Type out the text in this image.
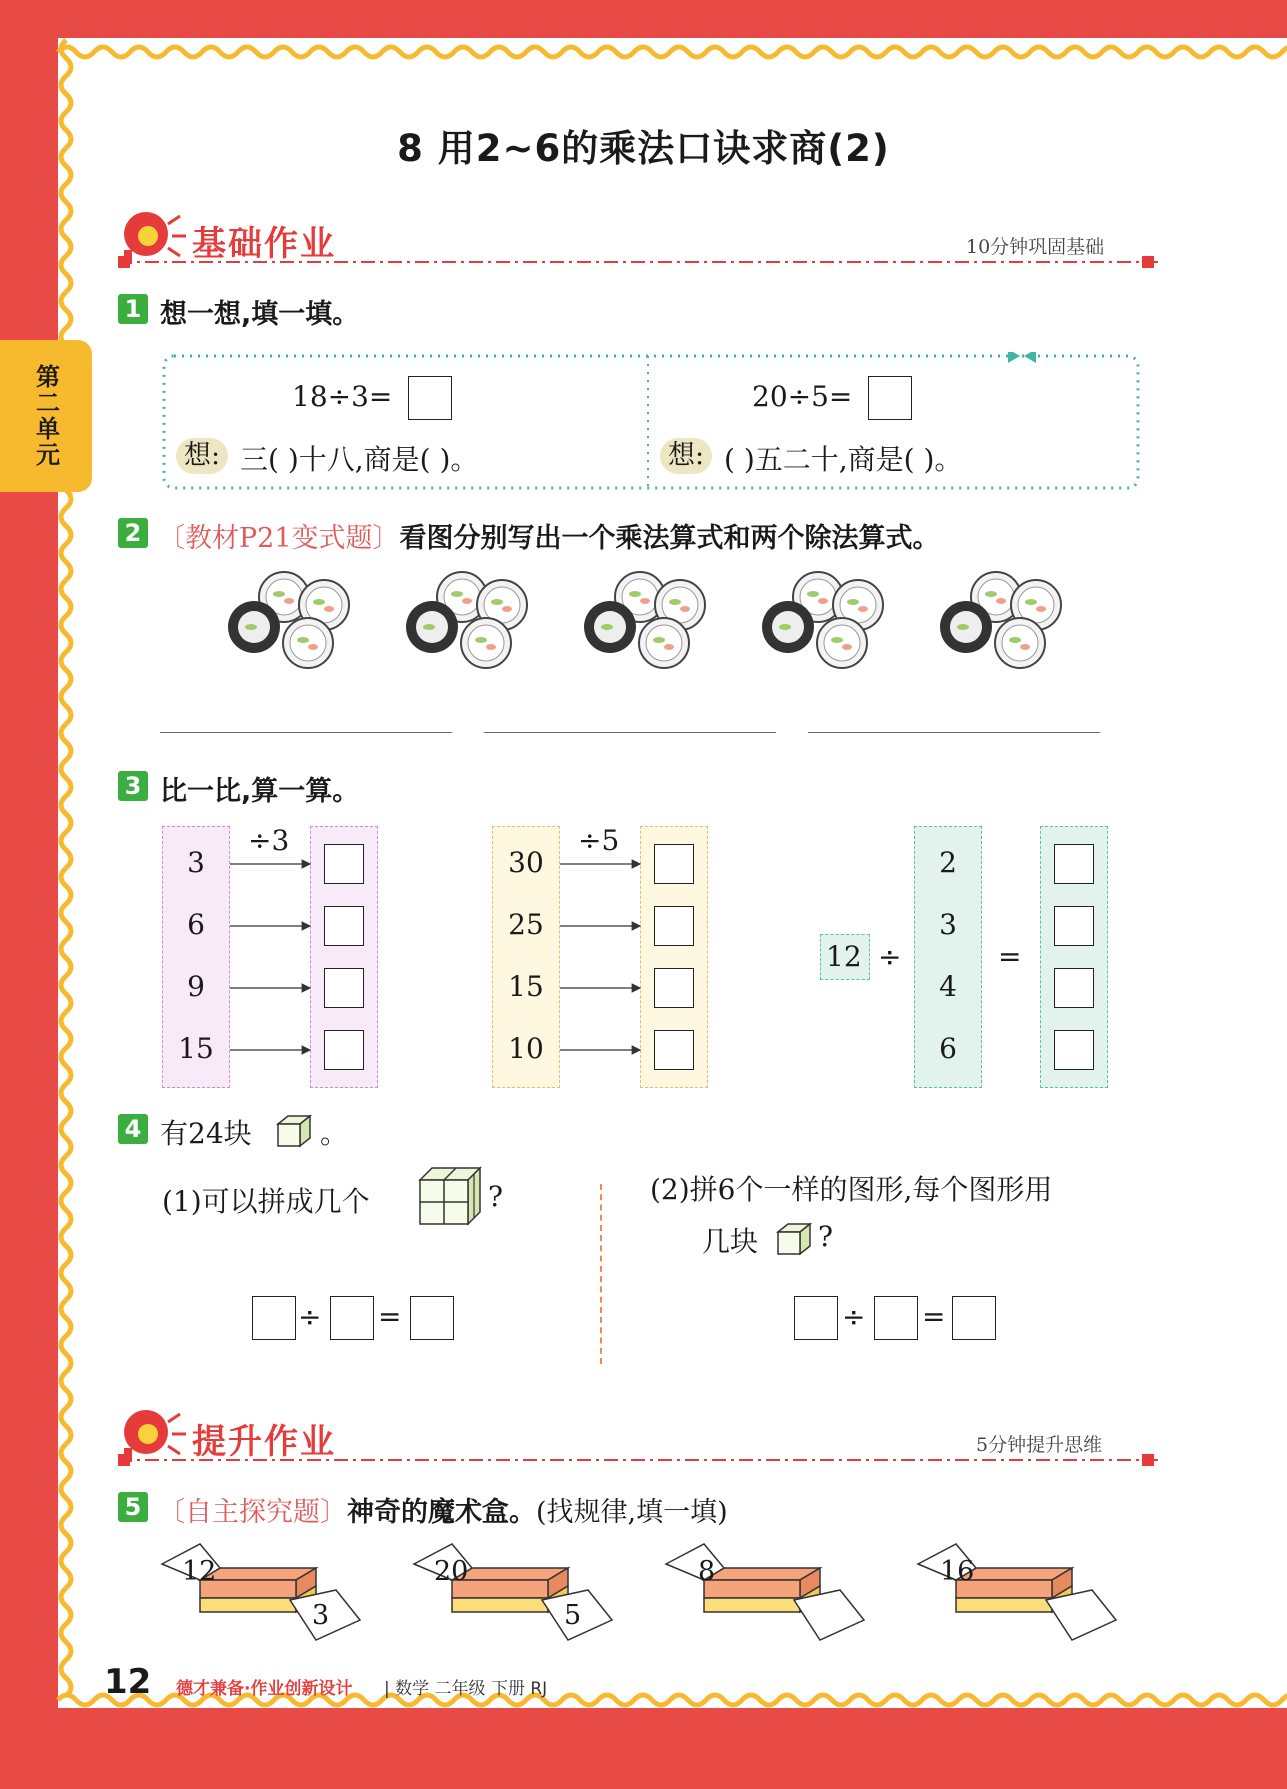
8 用2~6的乘法口诀求商(2)
第二单元
基础作业	10分钟巩固基础
1 想一想,填一填。
18÷3=
想: 三( )十八,商是( )。
20÷5=
想: ( )五二十,商是( )。
2 〔教材P21变式题〕看图分别写出一个乘法算式和两个除法算式。
3 比一比,算一算。
÷3
3
6
9
15
÷5
30
25
15
10
12 ÷
2
3
4
6
=
4 有24块 。
(1)可以拼成几个	?	(2)拼6个一样的图形,每个图形用
几块 ?
÷ =	÷ =
提升作业	5分钟提升思维
5 〔自主探究题〕神奇的魔术盒。(找规律,填一填)
12
3
20
5
8	16
12 德才兼备·作业创新设计 | 数学 二年级 下册 RJ
